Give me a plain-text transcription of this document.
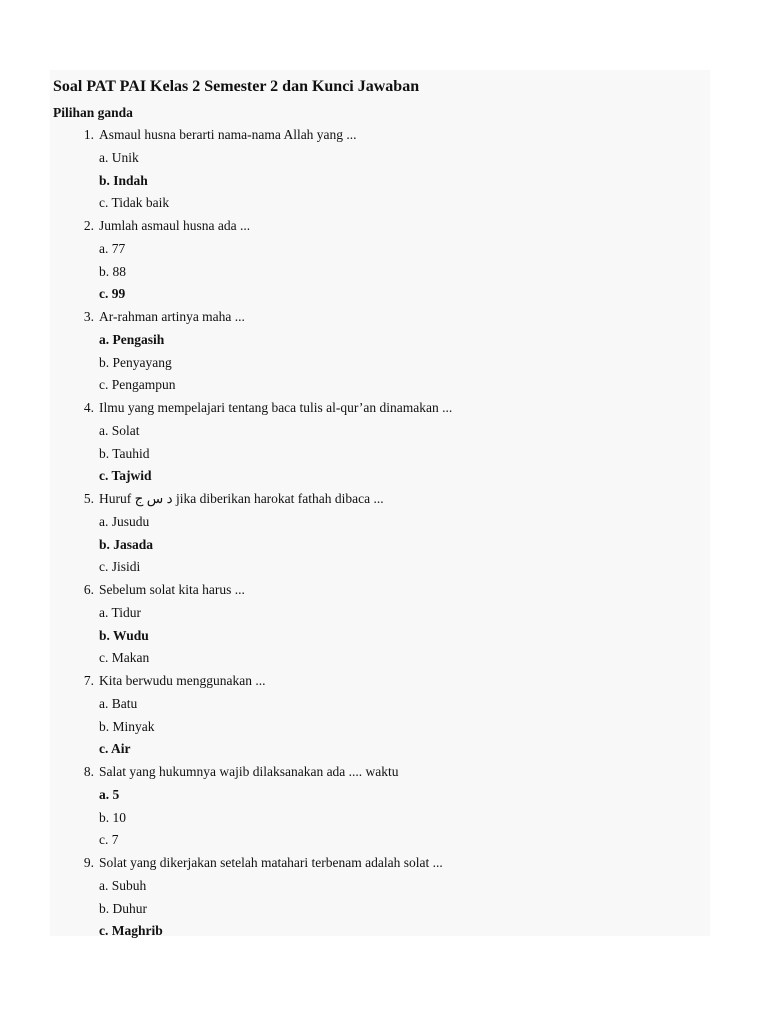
Soal PAT PAI Kelas 2 Semester 2 dan Kunci Jawaban
Pilihan ganda
1. Asmaul husna berarti nama-nama Allah yang ...
a. Unik
b. Indah
c. Tidak baik
2. Jumlah asmaul husna ada ...
a. 77
b. 88
c. 99
3. Ar-rahman artinya maha ...
a. Pengasih
b. Penyayang
c. Pengampun
4. Ilmu yang mempelajari tentang baca tulis al-qur’an dinamakan ...
a. Solat
b. Tauhid
c. Tajwid
5. Huruf د س ج jika diberikan harokat fathah dibaca ...
a. Jusudu
b. Jasada
c. Jisidi
6. Sebelum solat kita harus ...
a. Tidur
b. Wudu
c. Makan
7. Kita berwudu menggunakan ...
a. Batu
b. Minyak
c. Air
8. Salat yang hukumnya wajib dilaksanakan ada .... waktu
a. 5
b. 10
c. 7
9. Solat yang dikerjakan setelah matahari terbenam adalah solat ...
a. Subuh
b. Duhur
c. Maghrib
